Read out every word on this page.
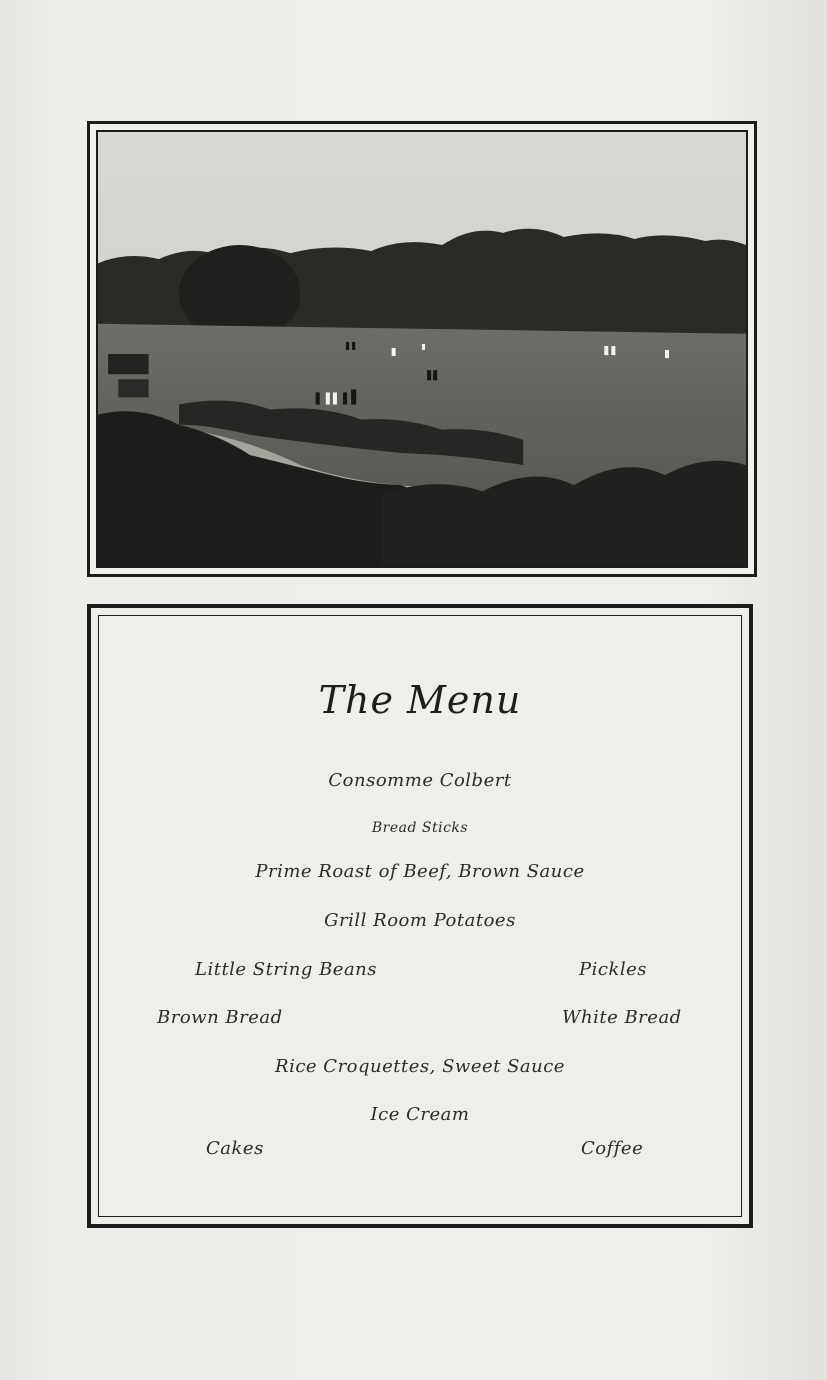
The Menu
Consomme Colbert
Bread Sticks
Prime Roast of Beef, Brown Sauce
Grill Room Potatoes
Little String Beans	Pickles
Brown Bread	White Bread
Rice Croquettes, Sweet Sauce
Ice Cream
Cakes	Coffee
